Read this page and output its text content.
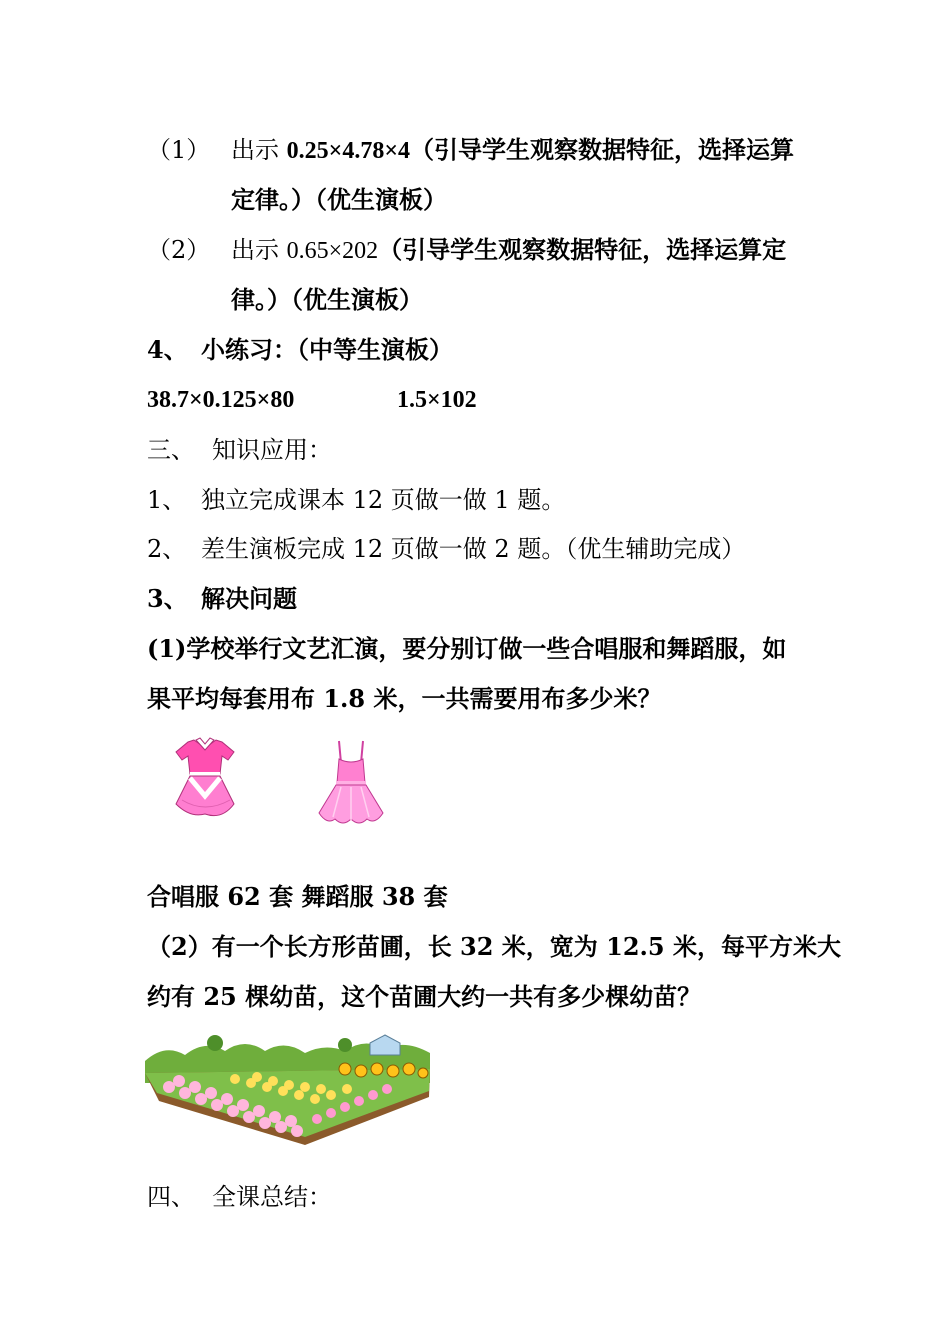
（1） 出示 0.25×4.78×4（引导学生观察数据特征，选择运算
定律。）（优生演板）
（2） 出示 0.65×202（引导学生观察数据特征，选择运算定
律。）（优生演板）
4、 小练习：（中等生演板）
38.7×0.125×80	1.5×102
三、 知识应用：
1、 独立完成课本 12 页做一做 1 题。
2、 差生演板完成 12 页做一做 2 题。（优生辅助完成）
3、 解决问题
(1)学校举行文艺汇演，要分别订做一些合唱服和舞蹈服，如
果平均每套用布 1.8 米，一共需要用布多少米？
合唱服 62 套 舞蹈服 38 套
（2）有一个长方形苗圃，长 32 米，宽为 12.5 米，每平方米大
约有 25 棵幼苗，这个苗圃大约一共有多少棵幼苗？
四、 全课总结：
